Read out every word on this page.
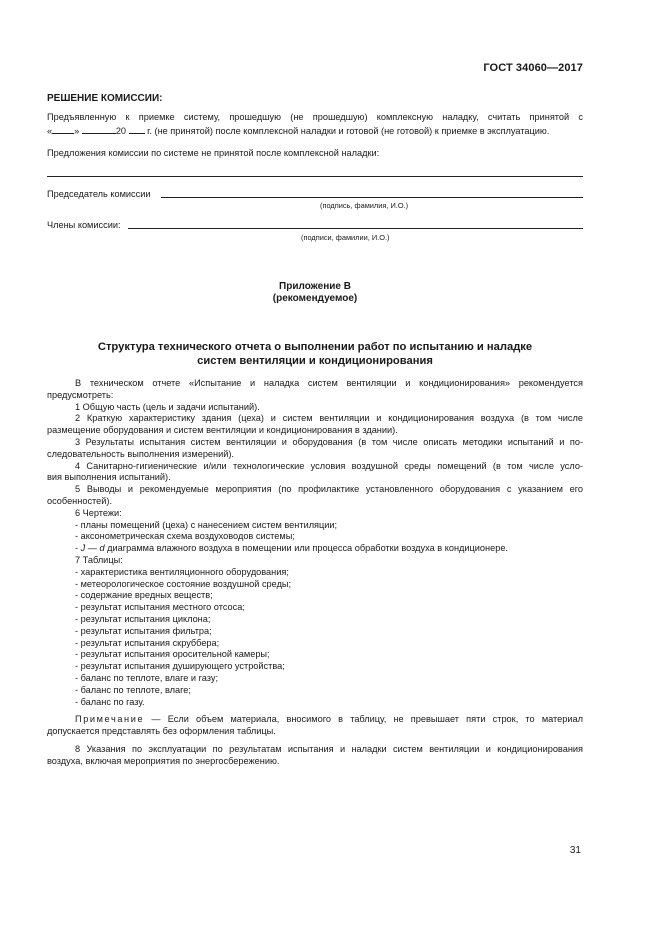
ГОСТ 34060—2017
РЕШЕНИЕ КОМИССИИ:
Предъявленную к приемке систему, прошедшую (не прошедшую) комплексную наладку, считать принятой с
« »	20 г. (не принятой) после комплексной наладки и готовой (не готовой) к приемке в эксплуатацию.
Предложения комиссии по системе не принятой после комплексной наладки:
Председатель комиссии
(подпись, фамилия, И.О.)
Члены комиссии:
(подписи, фамилии, И.О.)
Приложение В
(рекомендуемое)
Структура технического отчета о выполнении работ по испытанию и наладке
систем вентиляции и кондиционирования
В техническом отчете «Испытание и наладка систем вентиляции и кондиционирования» рекомендуется
предусмотреть:
1 Общую часть (цель и задачи испытаний).
2 Краткую характеристику здания (цеха) и систем вентиляции и кондиционирования воздуха (в том числе
размещение оборудования и систем вентиляции и кондиционирования в здании).
3 Результаты испытания систем вентиляции и оборудования (в том числе описать методики испытаний и по-
следовательность выполнения измерений).
4 Санитарно-гигиенические и/или технологические условия воздушной среды помещений (в том числе усло-
вия выполнения испытаний).
5 Выводы и рекомендуемые мероприятия (по профилактике установленного оборудования с указанием его
особенностей).
6 Чертежи:
- планы помещений (цеха) с нанесением систем вентиляции;
- аксонометрическая схема воздуховодов системы;
- J — d диаграмма влажного воздуха в помещении или процесса обработки воздуха в кондиционере.
7 Таблицы:
- характеристика вентиляционного оборудования;
- метеорологическое состояние воздушной среды;
- содержание вредных веществ;
- результат испытания местного отсоса;
- результат испытания циклона;
- результат испытания фильтра;
- результат испытания скруббера;
- результат испытания оросительной камеры;
- результат испытания душирующего устройства;
- баланс по теплоте, влаге и газу;
- баланс по теплоте, влаге;
- баланс по газу.
Примечание — Если объем материала, вносимого в таблицу, не превышает пяти строк, то материал
допускается представлять без оформления таблицы.
8 Указания по эксплуатации по результатам испытания и наладки систем вентиляции и кондиционирования
воздуха, включая мероприятия по энергосбережению.
31
